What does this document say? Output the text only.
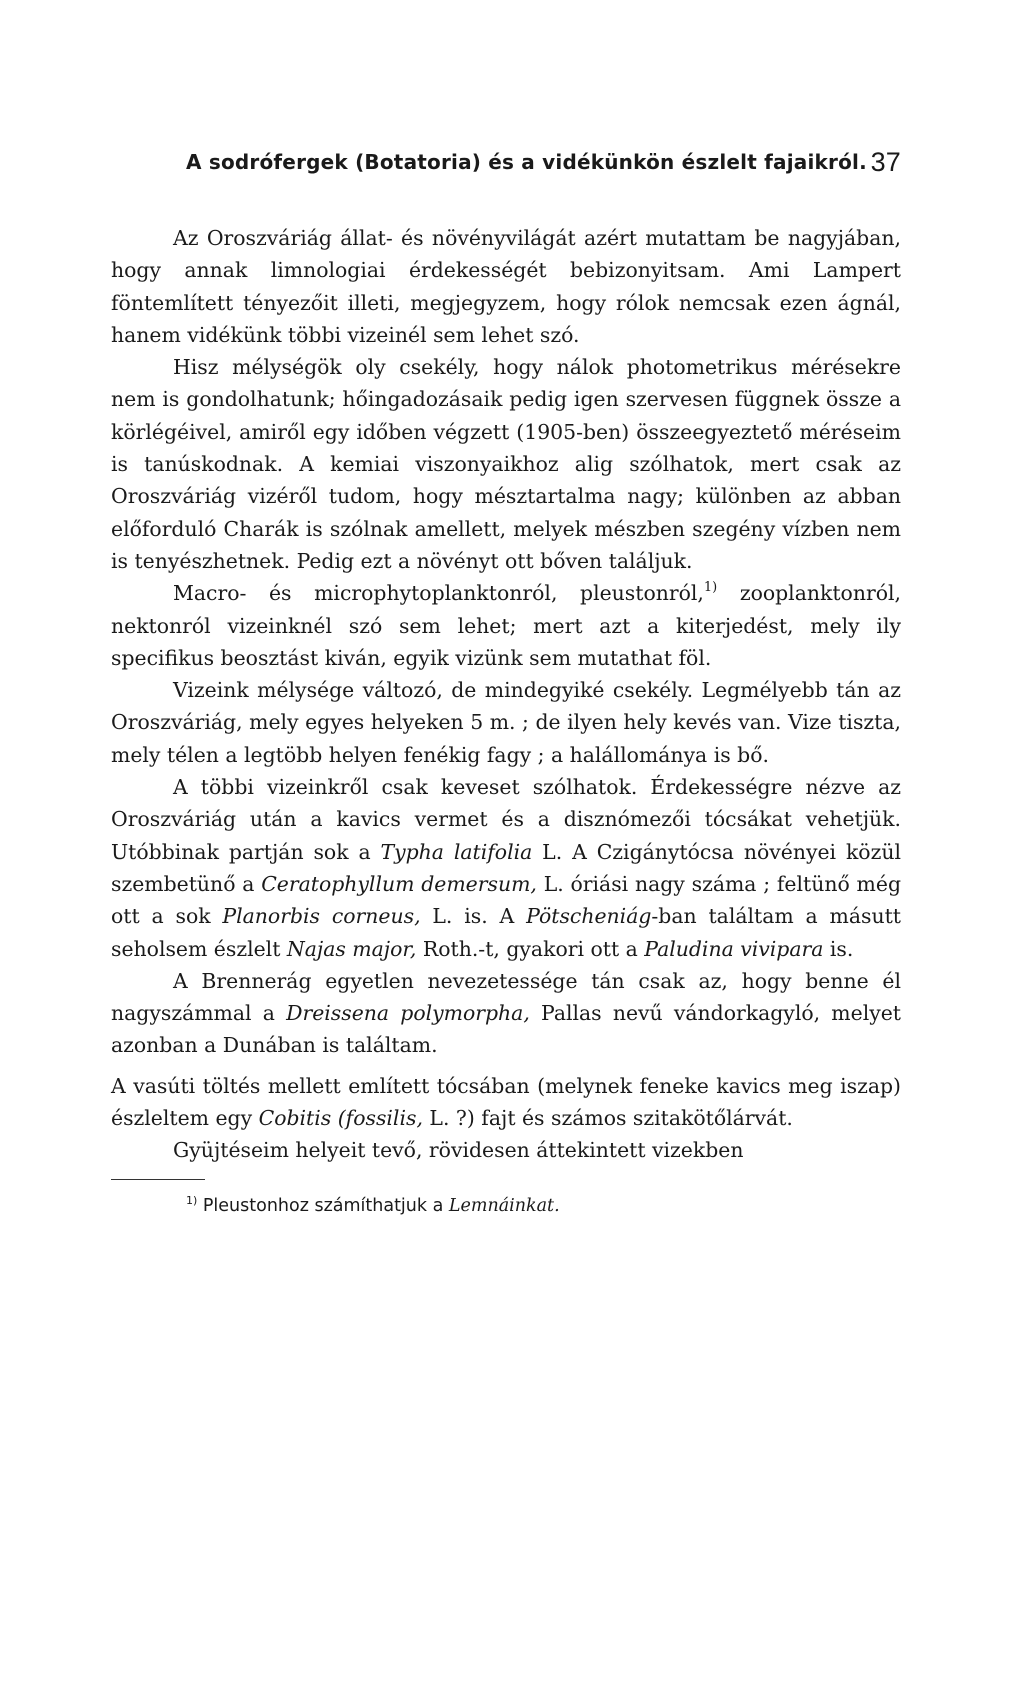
A sodrófergek (Botatoria) és a vidékünkön észlelt fajaikról. 37

Az Oroszváriág állat- és növényvilágát azért mutattam be nagyjában, hogy annak limnologiai érdekességét bebizonyitsam. Ami Lampert föntemlített tényezőit illeti, megjegyzem, hogy rólok nemcsak ezen ágnál, hanem vidékünk többi vizeinél sem lehet szó.

Hisz mélységök oly csekély, hogy nálok photometrikus mérésekre nem is gondolhatunk; hőingadozásaik pedig igen szervesen függnek össze a körlégéivel, amiről egy időben végzett (1905-ben) összeegyeztető méréseim is tanúskodnak. A kemiai viszonyaikhoz alig szólhatok, mert csak az Oroszváriág vizéről tudom, hogy mésztartalma nagy; különben az abban előforduló Charák is szólnak amellett, melyek mészben szegény vízben nem is tenyészhetnek. Pedig ezt a növényt ott bőven találjuk.

Macro- és microphytoplanktonról, pleustonról,$^{1)}$ zooplanktonról, nektonról vizeinknél szó sem lehet; mert azt a kiterjedést, mely ily specifikus beosztást kiván, egyik vizünk sem mutathat föl.

Vizeink mélysége változó, de mindegyiké csekély. Legmélyebb tán az Oroszváriág, mely egyes helyeken 5 m. ; de ilyen hely kevés van. Vize tiszta, mely télen a legtöbb helyen fenékig fagy ; a halállománya is bő.

A többi vizeinkről csak keveset szólhatok. Érdekességre nézve az Oroszváriág után a kavics vermet és a disznómezői tócsákat vehetjük. Utóbbinak partján sok a Typha latifolia L. A Czigánytócsa növényei közül szembetünő a Ceratophyllum demersum, L. óriási nagy száma ; feltünő még ott a sok Planorbis corneus, L. is. A Pötscheniág-ban találtam a másutt seholsem észlelt Najas major, Roth.-t, gyakori ott a Paludina vivipara is.

A Brennerág egyetlen nevezetessége tán csak az, hogy benne él nagyszámmal a Dreissena polymorpha, Pallas nevű vándorkagyló, melyet azonban a Dunában is találtam.

A vasúti töltés mellett említett tócsában (melynek feneke kavics meg iszap) észleltem egy Cobitis (fossilis, L. ?) fajt és számos szitakötőlárvát.

Gyüjtéseim helyeit tevő, rövidesen áttekintett vizekben

$^{1)}$ Pleustonhoz számíthatjuk a Lemnáinkat.
